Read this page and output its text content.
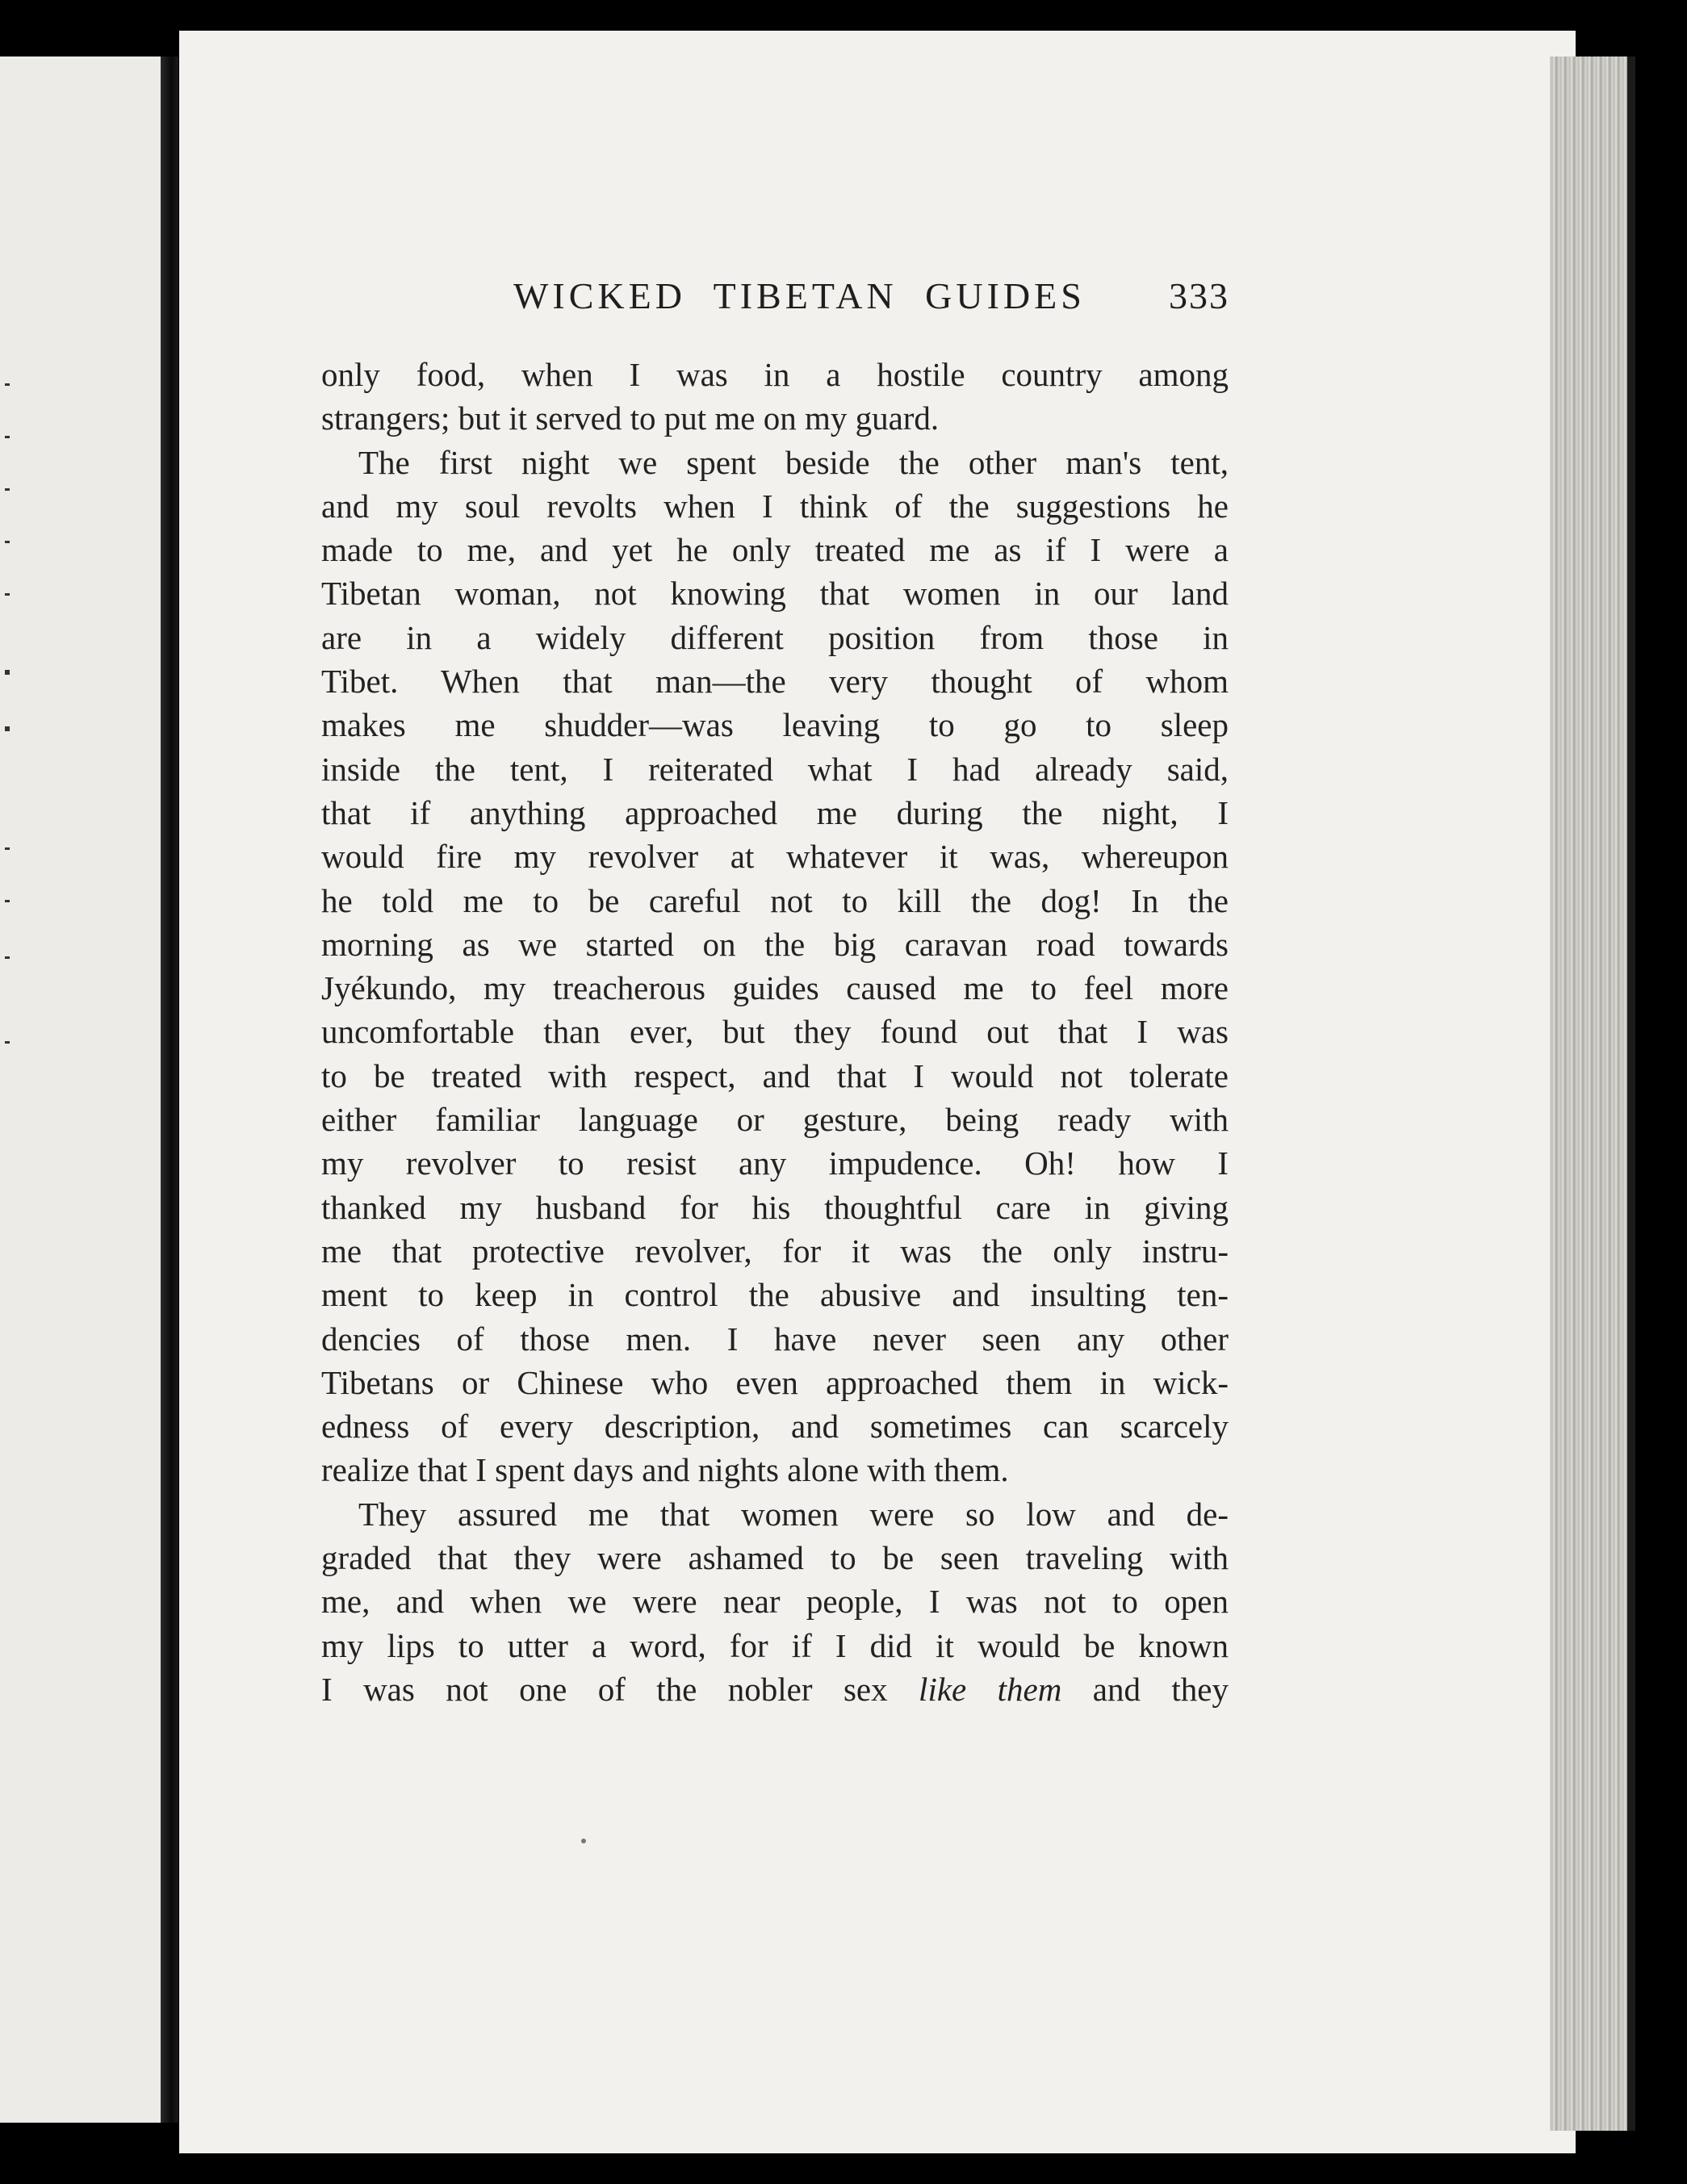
WICKED TIBETAN GUIDES 333
only food, when I was in a hostile country among
strangers; but it served to put me on my guard.
The first night we spent beside the other man's tent,
and my soul revolts when I think of the suggestions he
made to me, and yet he only treated me as if I were a
Tibetan woman, not knowing that women in our land
are in a widely different position from those in
Tibet. When that man—the very thought of whom
makes me shudder—was leaving to go to sleep
inside the tent, I reiterated what I had already said,
that if anything approached me during the night, I
would fire my revolver at whatever it was, whereupon
he told me to be careful not to kill the dog! In the
morning as we started on the big caravan road towards
Jyékundo, my treacherous guides caused me to feel more
uncomfortable than ever, but they found out that I was
to be treated with respect, and that I would not tolerate
either familiar language or gesture, being ready with
my revolver to resist any impudence. Oh! how I
thanked my husband for his thoughtful care in giving
me that protective revolver, for it was the only instru-
ment to keep in control the abusive and insulting ten-
dencies of those men. I have never seen any other
Tibetans or Chinese who even approached them in wick-
edness of every description, and sometimes can scarcely
realize that I spent days and nights alone with them.
They assured me that women were so low and de-
graded that they were ashamed to be seen traveling with
me, and when we were near people, I was not to open
my lips to utter a word, for if I did it would be known
I was not one of the nobler sex like them and they
